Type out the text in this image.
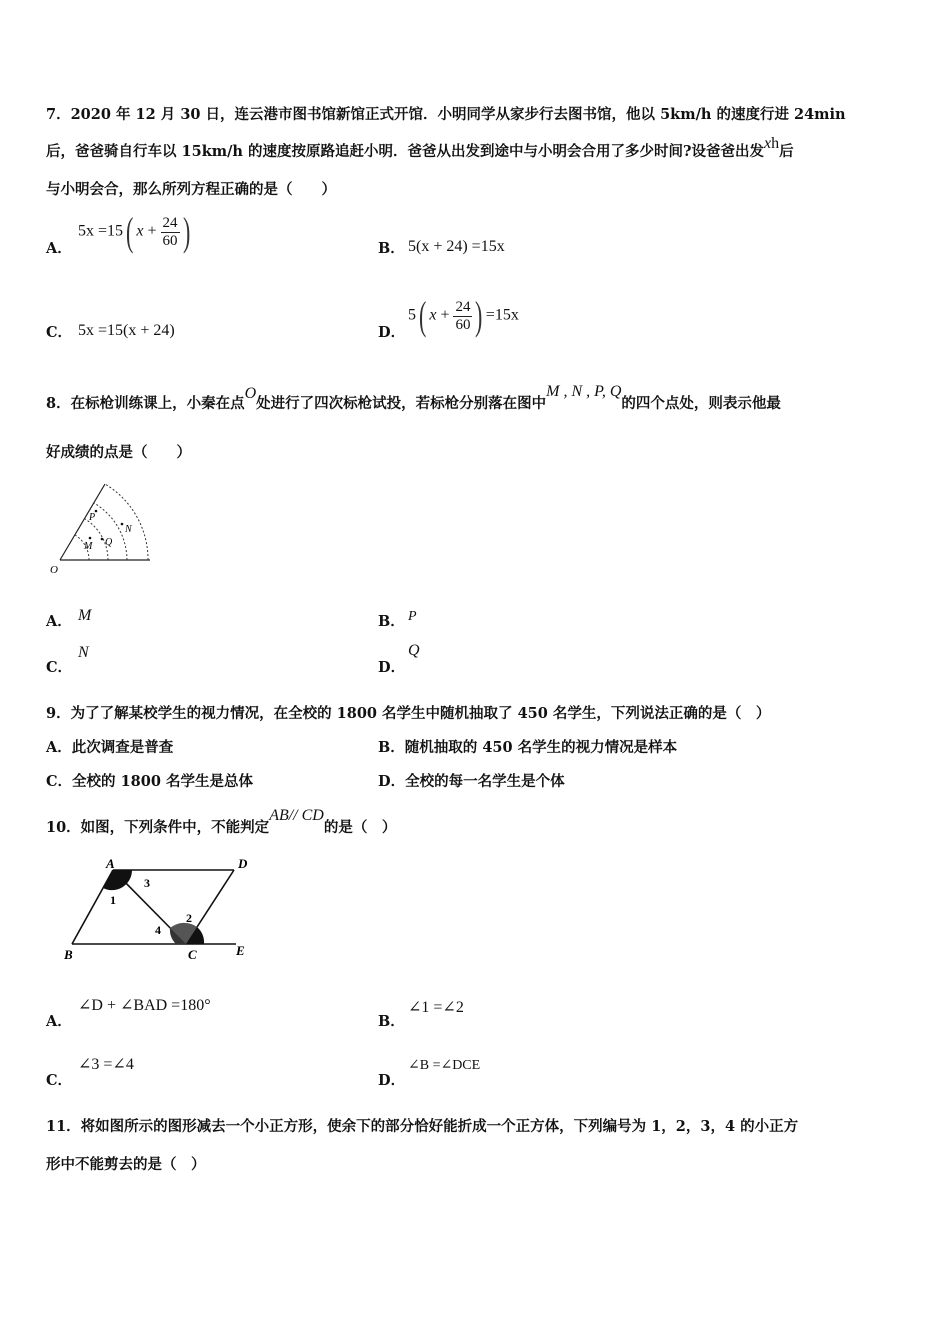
7．2020 年 12 月 30 日，连云港市图书馆新馆正式开馆．小明同学从家步行去图书馆，他以 5km/h 的速度行进 24min
后，爸爸骑自行车以 15km/h 的速度按原路追赶小明．爸爸从出发到途中与小明会合用了多少时间?设爸爸出发xh后
与小明会合，那么所列方程正确的是（　　）
A．
5x =15( $x + \frac{24}{60}$ )	B． 5(x + 24) =15x
C． 5x =15(x + 24)	D．
5( $x + \frac{24}{60}$ ) =15x
8．在标枪训练课上，小秦在点O处进行了四次标枪试投，若标枪分别落在图中M , N , P, Q的四个点处，则表示他最
好成绩的点是（　　）
O
P
N
M Q
A． M	B． P
C．
N
D．
Q
9．为了了解某校学生的视力情况，在全校的 1800 名学生中随机抽取了 450 名学生，下列说法正确的是（　）
A．此次调查是普查	B．随机抽取的 450 名学生的视力情况是样本
C．全校的 1800 名学生是总体	D．全校的每一名学生是个体
10．如图，下列条件中，不能判定AB// CD的是（　）
A	D
B	C	E
1
2
3
4
A．
∠D + ∠BAD =180°
B．
∠1 =∠2
C．
∠3 =∠4
D．
∠B =∠DCE
11．将如图所示的图形减去一个小正方形，使余下的部分恰好能折成一个正方体，下列编号为 1，2，3，4 的小正方
形中不能剪去的是（　）
